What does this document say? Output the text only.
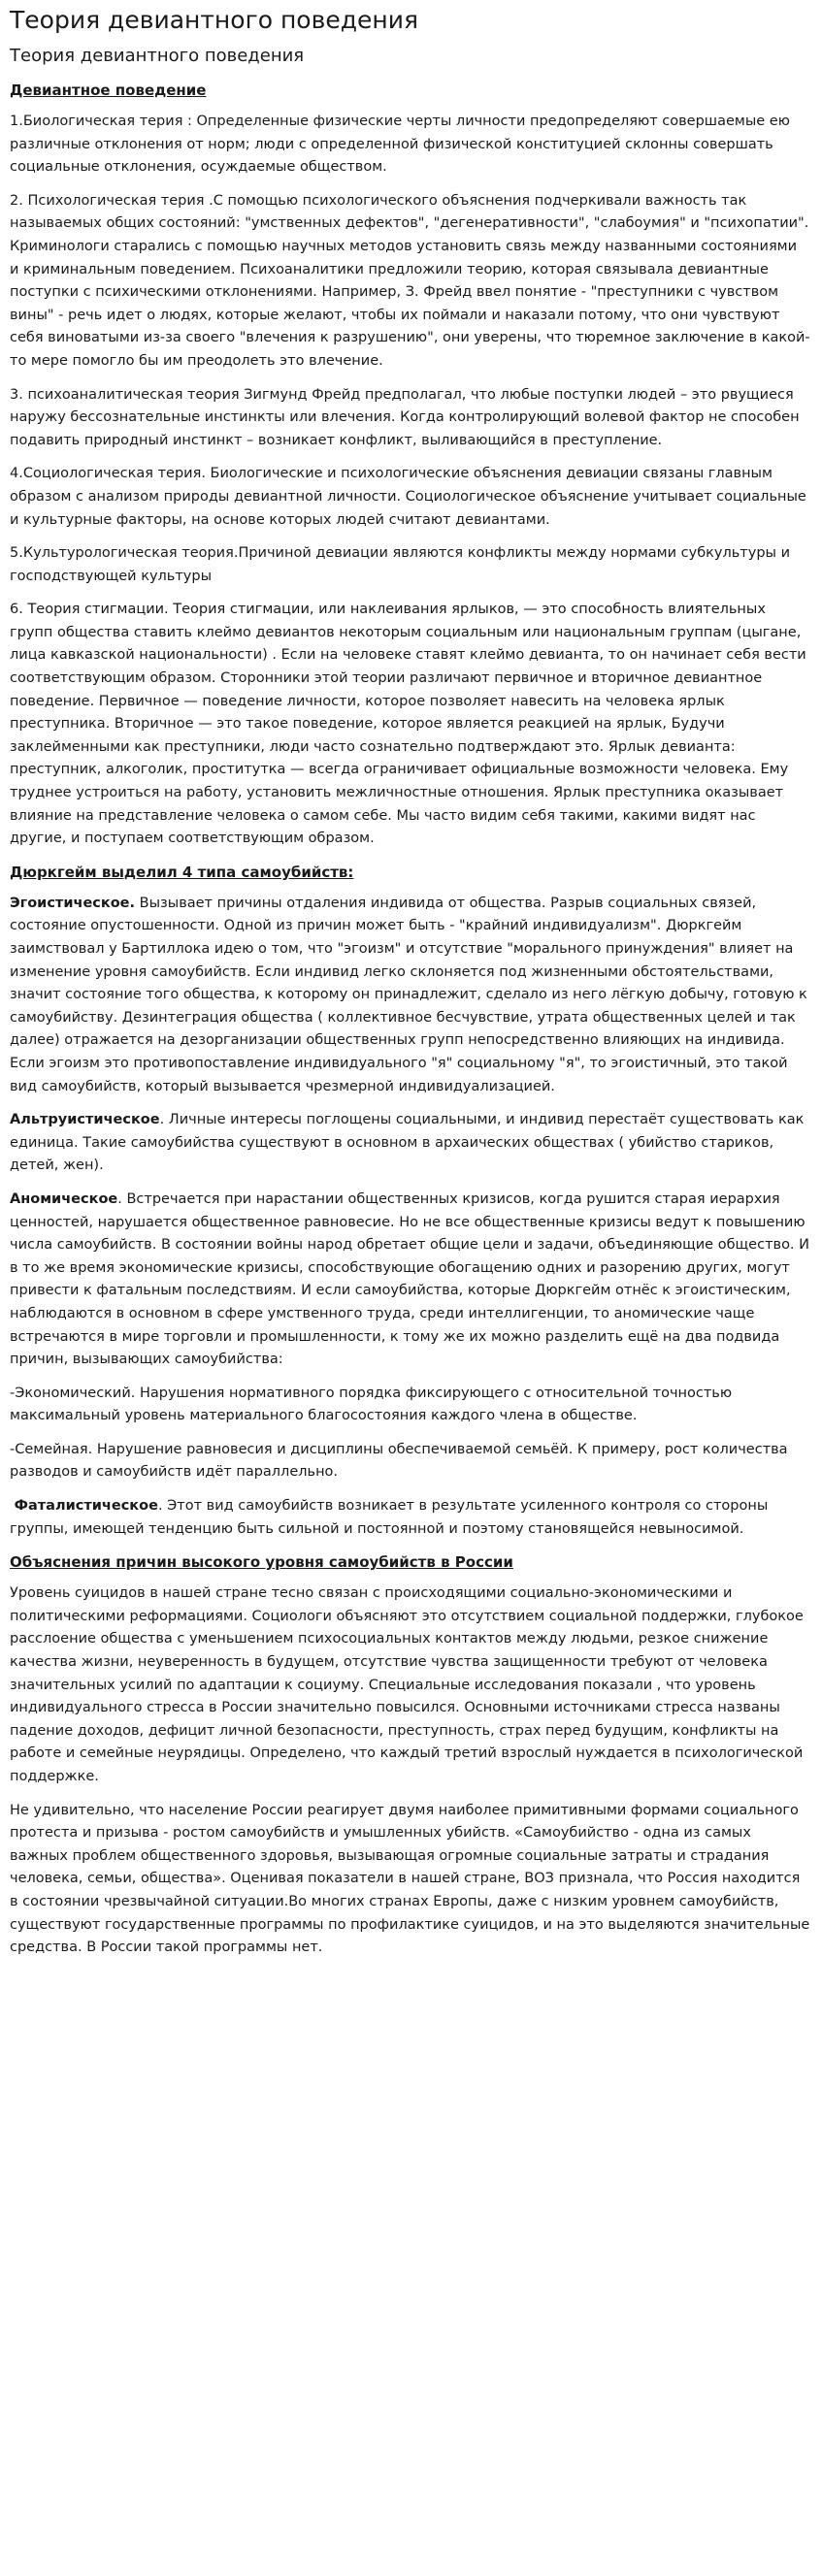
Теория девиантного поведения
Теория девиантного поведения
Девиантное поведение

1.Биологическая терия : Определенные физические черты личности предопределяют совершаемые ею различные отклонения от норм; люди с определенной физической конституцией склонны совершать социальные отклонения, осуждаемые обществом.

2. Психологическая терия .С помощью психологического объяснения подчеркивали важность так называемых общих состояний: "умственных дефектов", "дегенеративности", "слабоумия" и "психопатии". Криминологи старались с помощью научных методов установить связь между названными состояниями и криминальным поведением. Психоаналитики предложили теорию, которая связывала девиантные поступки с психическими отклонениями. Например, З. Фрейд ввел понятие - "преступники с чувством вины" - речь идет о людях, которые желают, чтобы их поймали и наказали потому, что они чувствуют себя виноватыми из-за своего "влечения к разрушению", они уверены, что тюремное заключение в какой-то мере помогло бы им преодолеть это влечение.

3. психоаналитическая теория Зигмунд Фрейд предполагал, что любые поступки людей – это рвущиеся наружу бессознательные инстинкты или влечения. Когда контролирующий волевой фактор не способен подавить природный инстинкт – возникает конфликт, выливающийся в преступление.

4.Социологическая терия. Биологические и психологические объяснения девиации связаны главным образом с анализом природы девиантной личности. Социологическое объяснение учитывает социальные и культурные факторы, на основе которых людей считают девиантами.

5.Культурологическая теория.Причиной девиации являются конфликты между нормами субкультуры и господствующей культуры

6. Теория стигмации. Теория стигмации, или наклеивания ярлыков, — это способность влиятельных групп общества ставить клеймо девиантов некоторым социальным или национальным группам (цыгане, лица кавказской национальности) . Если на человеке ставят клеймо девианта, то он начинает себя вести соответствующим образом. Сторонники этой теории различают первичное и вторичное девиантное поведение. Первичное — поведение личности, которое позволяет навесить на человека ярлык преступника. Вторичное — это такое поведение, которое является реакцией на ярлык, Будучи заклейменными как преступники, люди часто сознательно подтверждают это. Ярлык девианта: преступник, алкоголик, проститутка — всегда ограничивает официальные возможности человека. Ему труднее устроиться на работу, установить межличностные отношения. Ярлык преступника оказывает влияние на представление человека о самом себе. Мы часто видим себя такими, какими видят нас другие, и поступаем соответствующим образом.

Дюркгейм выделил 4 типа самоубийств:

Эгоистическое. Вызывает причины отдаления индивида от общества. Разрыв социальных связей, состояние опустошенности. Одной из причин может быть - "крайний индивидуализм". Дюркгейм заимствовал у Бартиллока идею о том, что "эгоизм" и отсутствие "морального принуждения" влияет на изменение уровня самоубийств. Если индивид легко склоняется под жизненными обстоятельствами, значит состояние того общества, к которому он принадлежит, сделало из него лёгкую добычу, готовую к самоубийству. Дезинтеграция общества ( коллективное бесчувствие, утрата общественных целей и так далее) отражается на дезорганизации общественных групп непосредственно влияющих на индивида. Если эгоизм это противопоставление индивидуального "я" социальному "я", то эгоистичный, это такой вид самоубийств, который вызывается чрезмерной индивидуализацией.

Альтруистическое. Личные интересы поглощены социальными, и индивид перестаёт существовать как единица. Такие самоубийства существуют в основном в архаических обществах ( убийство стариков, детей, жен).

Аномическое. Встречается при нарастании общественных кризисов, когда рушится старая иерархия ценностей, нарушается общественное равновесие. Но не все общественные кризисы ведут к повышению числа самоубийств. В состоянии войны народ обретает общие цели и задачи, объединяющие общество. И в то же время экономические кризисы, способствующие обогащению одних и разорению других, могут привести к фатальным последствиям. И если самоубийства, которые Дюркгейм отнёс к эгоистическим, наблюдаются в основном в сфере умственного труда, среди интеллигенции, то аномические чаще встречаются в мире торговли и промышленности, к тому же их можно разделить ещё на два подвида причин, вызывающих самоубийства:

-Экономический. Нарушения нормативного порядка фиксирующего с относительной точностью максимальный уровень материального благосостояния каждого члена в обществе.

-Семейная. Нарушение равновесия и дисциплины обеспечиваемой семьёй. К примеру, рост количества разводов и самоубийств идёт параллельно.

Фаталистическое. Этот вид самоубийств возникает в результате усиленного контроля со стороны группы, имеющей тенденцию быть сильной и постоянной и поэтому становящейся невыносимой.

Объяснения причин высокого уровня самоубийств в России

Уровень суицидов в нашей стране тесно связан с происходящими социально-экономическими и политическими реформациями. Социологи объясняют это отсутствием социальной поддержки, глубокое расслоение общества с уменьшением психосоциальных контактов между людьми, резкое снижение качества жизни, неуверенность в будущем, отсутствие чувства защищенности требуют от человека значительных усилий по адаптации к социуму. Специальные исследования показали , что уровень индивидуального стресса в России значительно повысился. Основными источниками стресса названы падение доходов, дефицит личной безопасности, преступность, страх перед будущим, конфликты на работе и семейные неурядицы. Определено, что каждый третий взрослый нуждается в психологической поддержке.

Не удивительно, что население России реагирует двумя наиболее примитивными формами социального протеста и призыва - ростом самоубийств и умышленных убийств. «Самоубийство - одна из самых важных проблем общественного здоровья, вызывающая огромные социальные затраты и страдания человека, семьи, общества». Оценивая показатели в нашей стране, ВОЗ признала, что Россия находится в состоянии чрезвычайной ситуации.Во многих странах Европы, даже с низким уровнем самоубийств, существуют государственные программы по профилактике суицидов, и на это выделяются значительные средства. В России такой программы нет.
